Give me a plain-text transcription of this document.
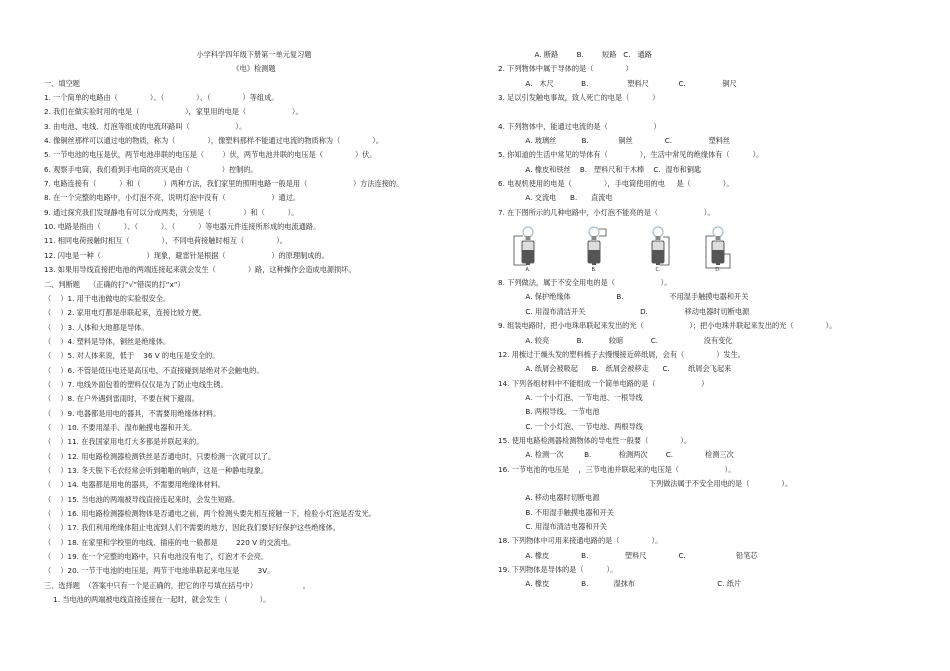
小学科学四年级下册第一单元复习题
《电》检测题
一、填空题
1. 一个简单的电路由（              ）、（              ）、（              ）等组成。
2. 我们在做实验时用的电是（                    ），家里用的电是（                    ）。
3. 由电池、电线、灯泡等组成的电流环路叫（                    ）。
4. 像铜丝那样可以通过电的物质，称为（              ），像塑料那样不能通过电流的物质称为（              ）。
5. 一节电池的电压是伏，两节电池串联的电压是（        ）伏，两节电池并联的电压是（              ）伏。
6. 观察手电筒，我们看到手电筒的亮灭是由（              ）控制的。
7. 电路连接有（          ）和（          ）两种方法，我们家里的照明电路一般是用（                    ）方法连接的。
8. 在一个完整的电路中，小灯泡不亮，说明灯泡中没有（                    ）通过。
9. 通过探究我们发现静电有可以分成两类，分别是（              ）和（          ）。
10. 电路是指由（          ）、（          ）、（          ）等电器元件连接所形成的电流通路。
11. 相同电荷接触时相互（              ），不同电荷接触时相互（              ）。
12. 闪电是一种（                    ）现象，避雷针是根据（                    ）的原理制成的。
13. 如果用导线直接把电池的两端连接起来就会发生（              ）路，这种操作会造成电源损坏。
二、判断题    （正确的打“√”错误的打“x”）
（    ）1. 用干电池做电的实验很安全。
（    ）2. 家用电灯都是串联起来，连接比较方便。
（    ）3. 人体和大地都是导体。
（    ）4. 塑料是导体，铜丝是绝缘体。
（    ）5. 对人体来说，低于    36 V 的电压是安全的。
（    ）6. 不管是低压电还是高压电，不直接碰到是绝对不会触电的。
（    ）7. 电线外面包着的塑料仅仅是为了防止电线生锈。
（    ）8. 在户外遇到雷雨时，不要在树下避雨。
（    ）9. 电器都是用电的器具，不需要用绝缘体材料。
（    ）10. 不要用湿手、湿布触摸电器和开关。
（    ）11. 在我国家用电灯大多都是并联起来的。
（    ）12. 用电路检测器检测铁丝是否通电时，只要检测一次就可以了。
（    ）13. 冬天脱下毛衣经常会听到啪啪的响声，这是一种静电现象。
（    ）14. 电器都是用电的器具，不需要用绝缘体材料。
（    ）15. 当电池的两端被导线直接连起来时，会发生短路。
（    ）16. 用电路检测器检测物体是否通电之前，两个检测头要先相互接触一下，检验小灯泡是否发光。
（    ）17. 我们利用绝缘体阻止电流到人们不需要的地方，因此我们要好好保护这些绝缘体。
（    ）18. 在家里和学校里的电线、插座的电一般都是        220 V 的交流电。
（    ）19. 在一个完整的电路中，只有电池没有电了，灯泡才不会亮。
（    ）20. 一节干电池的电压是，两节干电池串联起来电压是        3V。
三、选择题  （答案中只有一个是正确的，把它的序号填在括号中）                    。
1. 当电池的两端被电线直接连接在一起时，就会发生（              ）。
A. 断路        B.        短路   C.   通路
2. 下列物体中属于导体的是（              ）
A.   木尺            B.                 塑料尺             C.                铜尺
3. 足以引发触电事故，致人死亡的电是（          ）
4. 下列物体中，能通过电流的是（                    ）
A. 玻璃丝           B.             铜丝              C.                塑料丝
5. 你知道的生活中常见的导体有（              ），生活中常见的绝缘体有（          ）。
A. 橡皮和铁丝    B.   塑料尺和干木棒    C.  湿布和铜匙
6. 电视机使用的电是（              ），手电筒使用的电     是（              ）。
A. 交流电      B.      直流电
7. 在下图所示的几种电路中，小灯泡不能亮的是（                    ）。
A.	B.	C.	D.
8. 下列做法，属于不安全用电的是（                    ）。
A. 保护绝缘体                    B.                    不用湿手触摸电器和开关
C. 用湿布清洁开关                        D.                移动电器时切断电源
9. 组装电路时，把小电珠串联起来发出的光（                    ）；把小电珠并联起来发出的光（              ）。
A. 较亮            B.           较暗            C.                    没有变化
12. 用梳过干燥头发的塑料梳子去慢慢接近碎纸屑，会有（              ）发生。
A. 纸屑会被吸起      B.   纸屑会被移走      C.        纸屑会飞起来
14. 下列各组材料中不能组成一个简单电路的是（                    ）
A. 一个小灯泡、一节电池、一根导线
B. 两根导线、一节电池
C. 一个小灯泡、一节电池、两根导线
15. 使用电路检测器检测物体的导电性一般要（              ）。
A. 检测一次         B.            检测两次        C.              检测三次
16. 一节电池的电压是    ，三节电池并联起来的电压是（                    ）。
下列做法属于不安全用电的是（              ）。
A. 移动电器时切断电源
B. 不用湿手触摸电器和开关
C. 用湿布清洁电器和开关
18. 下列物体中可用来接通电路的是（              ）。
A. 橡皮              B.                塑料尺              C.                      铅笔芯
19. 下列物体是导体的是（          ）。
A. 橡皮              B.           湿抹布                                    C. 纸片
